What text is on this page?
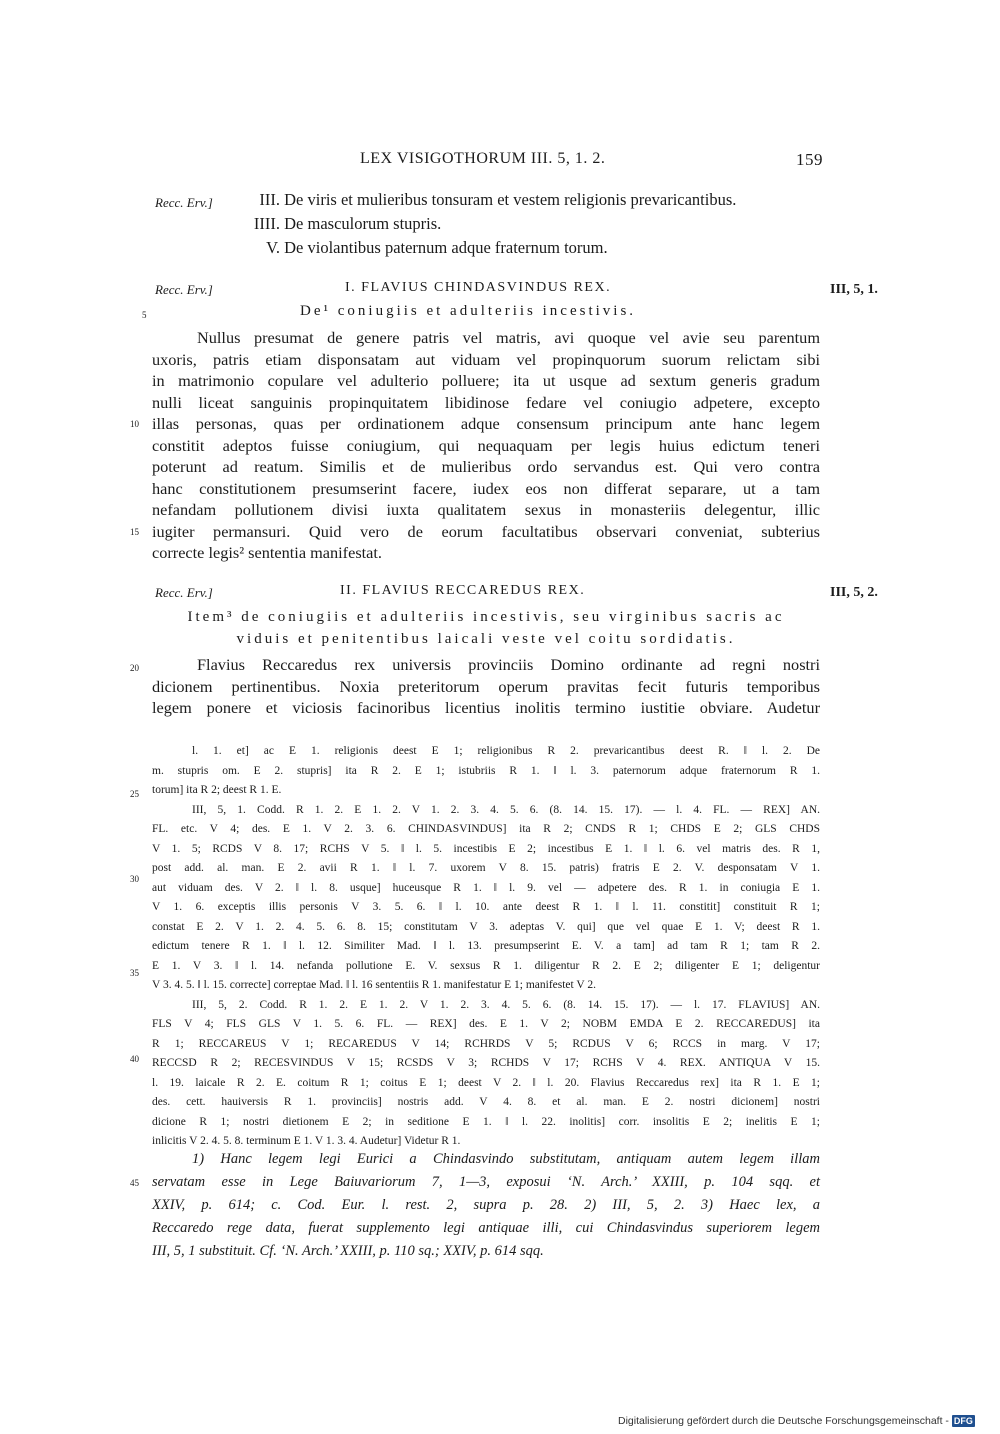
LEX VISIGOTHORUM III. 5, 1. 2.	159
Recc. Erv.]	III. De viris et mulieribus tonsuram et vestem religionis prevaricantibus.
IIII. De masculorum stupris.
V. De violantibus paternum adque fraternum torum.
Recc. Erv.]	I. FLAVIUS CHINDASVINDUS REX.	III, 5, 1.
5	De¹ coniugiis et adulteriis incestivis.
Nullus presumat de genere patris vel matris, avi quoque vel avie seu parentum
uxoris, patris etiam disponsatam aut viduam vel propinquorum suorum relictam sibi
in matrimonio copulare vel adulterio polluere; ita ut usque ad sextum generis gradum
nulli liceat sanguinis propinquitatem libidinose fedare vel coniugio adpetere, excepto
illas personas, quas per ordinationem adque consensum principum ante hanc legem
constitit adeptos fuisse coniugium, qui nequaquam per legis huius edictum teneri
poterunt ad reatum. Similis et de mulieribus ordo servandus est. Qui vero contra
hanc constitutionem presumserint facere, iudex eos non differat separare, ut a tam
nefandam pollutionem divisi iuxta qualitatem sexus in monasteriis delegentur, illic
iugiter permansuri. Quid vero de eorum facultatibus observari conveniat, subterius
correcte legis² sententia manifestat.
10
15
Recc. Erv.]	II. FLAVIUS RECCAREDUS REX.	III, 5, 2.
Item³ de coniugiis et adulteriis incestivis, seu virginibus sacris ac
viduis et penitentibus laicali veste vel coitu sordidatis.
Flavius Reccaredus rex universis provinciis Domino ordinante ad regni nostri
dicionem pertinentibus. Noxia preteritorum operum pravitas fecit futuris temporibus
legem ponere et viciosis facinoribus licentius inolitis termino iustitie obviare. Audetur
20
l. 1. et] ac E 1. religionis deest E 1; religionibus R 2. prevaricantibus deest R. ‖ l. 2. De
m. stupris om. E 2. stupris] ita R 2. E 1; istubriis R 1. ‖ l. 3. paternorum adque fraternorum R 1.
torum] ita R 2; deest R 1. E.
III, 5, 1. Codd. R 1. 2. E 1. 2. V 1. 2. 3. 4. 5. 6. (8. 14. 15. 17). — l. 4. FL. — REX] AN.
FL. etc. V 4; des. E 1. V 2. 3. 6. CHINDASVINDUS] ita R 2; CNDS R 1; CHDS E 2; GLS CHDS
V 1. 5; RCDS V 8. 17; RCHS V 5. ‖ l. 5. incestibis E 2; incestibus E 1. ‖ l. 6. vel matris des. R 1,
post add. al. man. E 2. avii R 1. ‖ l. 7. uxorem V 8. 15. patris) fratris E 2. V. desponsatam V 1.
aut viduam des. V 2. ‖ l. 8. usque] huceusque R 1. ‖ l. 9. vel — adpetere des. R 1. in coniugia E 1.
V 1. 6. exceptis illis personis V 3. 5. 6. ‖ l. 10. ante deest R 1. ‖ l. 11. constitit] constituit R 1;
constat E 2. V 1. 2. 4. 5. 6. 8. 15; constitutam V 3. adeptas V. qui] que vel quae E 1. V; deest R 1.
edictum tenere R 1. ‖ l. 12. Similiter Mad. ‖ l. 13. presumpserint E. V. a tam] ad tam R 1; tam R 2.
E 1. V 3. ‖ l. 14. nefanda pollutione E. V. sexsus R 1. diligentur R 2. E 2; diligenter E 1; deligentur
V 3. 4. 5. ‖ l. 15. correcte] correptae Mad. ‖ l. 16 sententiis R 1. manifestatur E 1; manifestet V 2.
III, 5, 2. Codd. R 1. 2. E 1. 2. V 1. 2. 3. 4. 5. 6. (8. 14. 15. 17). — l. 17. FLAVIUS] AN.
FLS V 4; FLS GLS V 1. 5. 6. FL. — REX] des. E 1. V 2; NOBM EMDA E 2. RECCAREDUS] ita
R 1; RECCAREUS V 1; RECAREDUS V 14; RCHRDS V 5; RCDUS V 6; RCCS in marg. V 17;
RECCSD R 2; RECESVINDUS V 15; RCSDS V 3; RCHDS V 17; RCHS V 4. REX. ANTIQUA V 15.
l. 19. laicale R 2. E. coitum R 1; coitus E 1; deest V 2. ‖ l. 20. Flavius Reccaredus rex] ita R 1. E 1;
des. cett. hauiversis R 1. provinciis] nostris add. V 4. 8. et al. man. E 2. nostri dicionem] nostri
dicione R 1; nostri dietionem E 2; in seditione E 1. ‖ l. 22. inolitis] corr. insolitis E 2; inelitis E 1;
inlicitis V 2. 4. 5. 8. terminum E 1. V 1. 3. 4. Audetur] Videtur R 1.
25
30
35
40
1) Hanc legem legi Eurici a Chindasvindo substitutam, antiquam autem legem illam
servatam esse in Lege Baiuvariorum 7, 1—3, exposui ‘N. Arch.’ XXIII, p. 104 sqq. et
XXIV, p. 614; c. Cod. Eur. l. rest. 2, supra p. 28. 2) III, 5, 2. 3) Haec lex, a
Reccaredo rege data, fuerat supplemento legi antiquae illi, cui Chindasvindus superiorem legem
III, 5, 1 substituit. Cf. ‘N. Arch.’ XXIII, p. 110 sq.; XXIV, p. 614 sqq.
45
Digitalisierung gefördert durch die Deutsche Forschungsgemeinschaft - DFG
